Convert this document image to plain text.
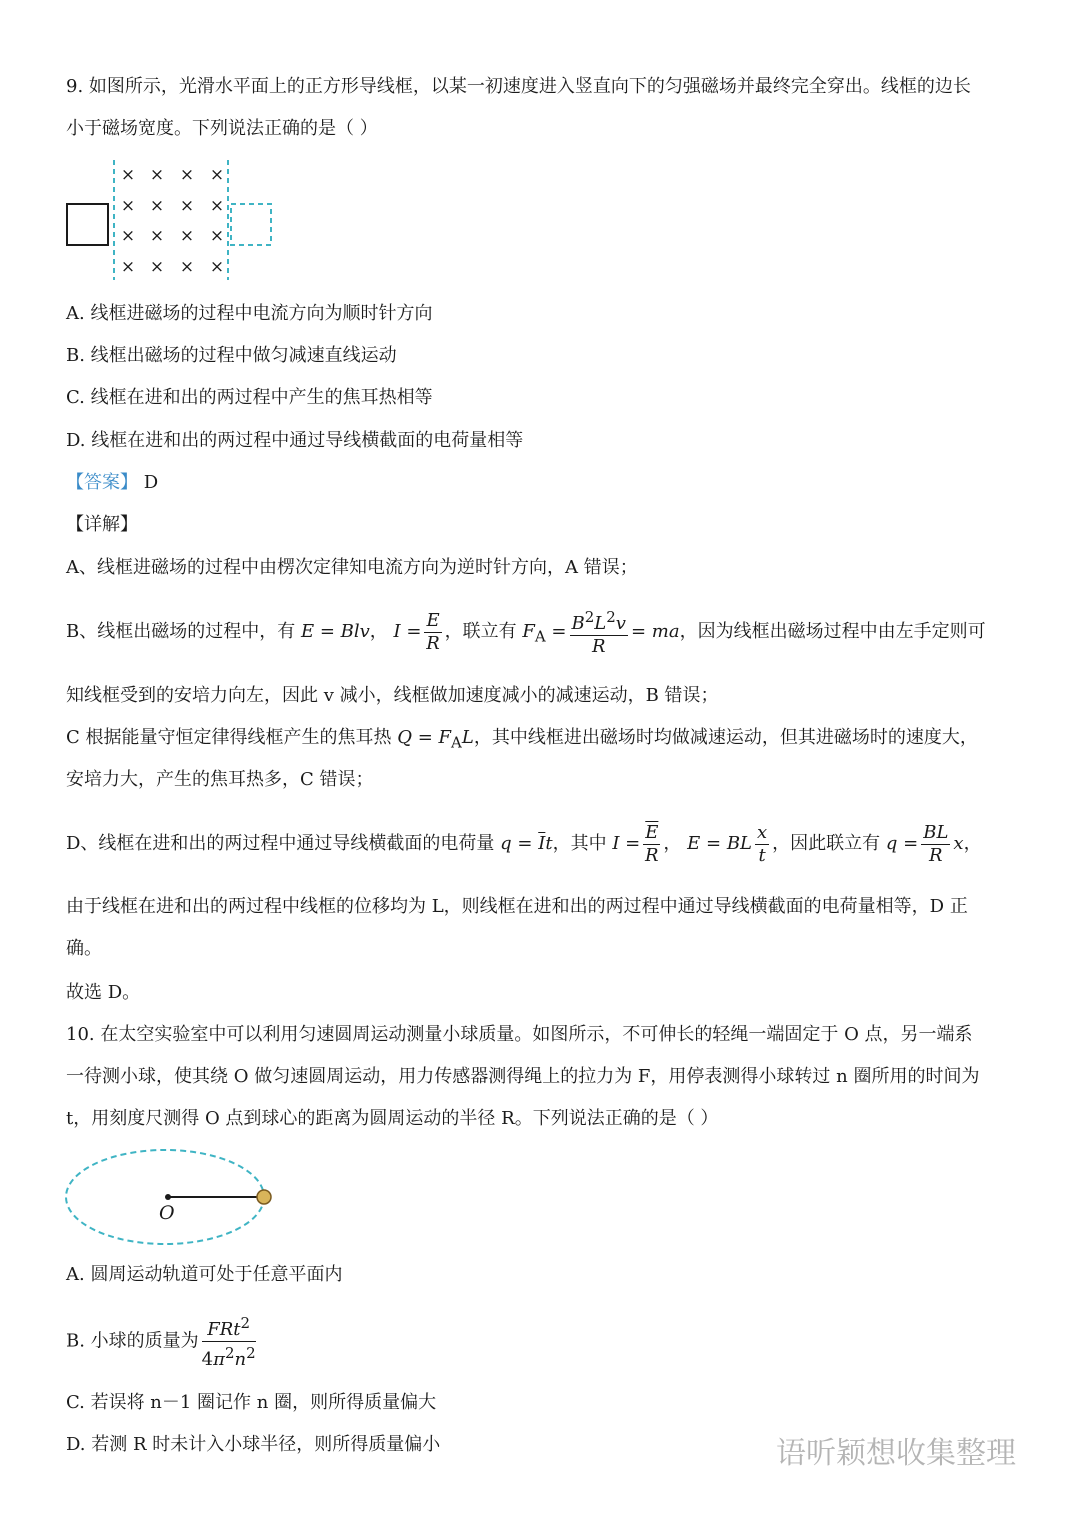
9. 如图所示，光滑水平面上的正方形导线框，以某一初速度进入竖直向下的匀强磁场并最终完全穿出。线框的边长
小于磁场宽度。下列说法正确的是（ ）
× × × ×
× × × ×
× × × ×
× × × ×
A. 线框进磁场的过程中电流方向为顺时针方向
B. 线框出磁场的过程中做匀减速直线运动
C. 线框在进和出的两过程中产生的焦耳热相等
D. 线框在进和出的两过程中通过导线横截面的电荷量相等
【答案】 D
【详解】
A、线框进磁场的过程中由楞次定律知电流方向为逆时针方向，A 错误；
B、线框出磁场的过程中，有 E = Blv， $I = \frac{E}{R}$ ，联立有 $F_A = \frac{B^2L^2v}{R}$ = ma，因为线框出磁场过程中由左手定则可
知线框受到的安培力向左，因此 v 减小，线框做加速度减小的减速运动，B 错误；
C 根据能量守恒定律得线框产生的焦耳热 $Q = F_AL$，其中线框进出磁场时均做减速运动，但其进磁场时的速度大，
安培力大，产生的焦耳热多，C 错误；
D、线框在进和出的两过程中通过导线横截面的电荷量 $q = \overline{I}t$，其中 $I = \frac{\overline{E}}{R}$ ， E = BL $\frac{x}{t}$ ，因此联立有 $q = \frac{BL}{R}$ x，
由于线框在进和出的两过程中线框的位移均为 L，则线框在进和出的两过程中通过导线横截面的电荷量相等，D 正
确。
故选 D。
10. 在太空实验室中可以利用匀速圆周运动测量小球质量。如图所示，不可伸长的轻绳一端固定于 O 点，另一端系
一待测小球，使其绕 O 做匀速圆周运动，用力传感器测得绳上的拉力为 F，用停表测得小球转过 n 圈所用的时间为
t，用刻度尺测得 O 点到球心的距离为圆周运动的半径 R。下列说法正确的是（ ）
O
A. 圆周运动轨道可处于任意平面内
B. 小球的质量为 $\frac{FRt^2}{4\pi^2n^2}$
C. 若误将 n－1 圈记作 n 圈，则所得质量偏大
D. 若测 R 时未计入小球半径，则所得质量偏小	语听颖想收集整理
